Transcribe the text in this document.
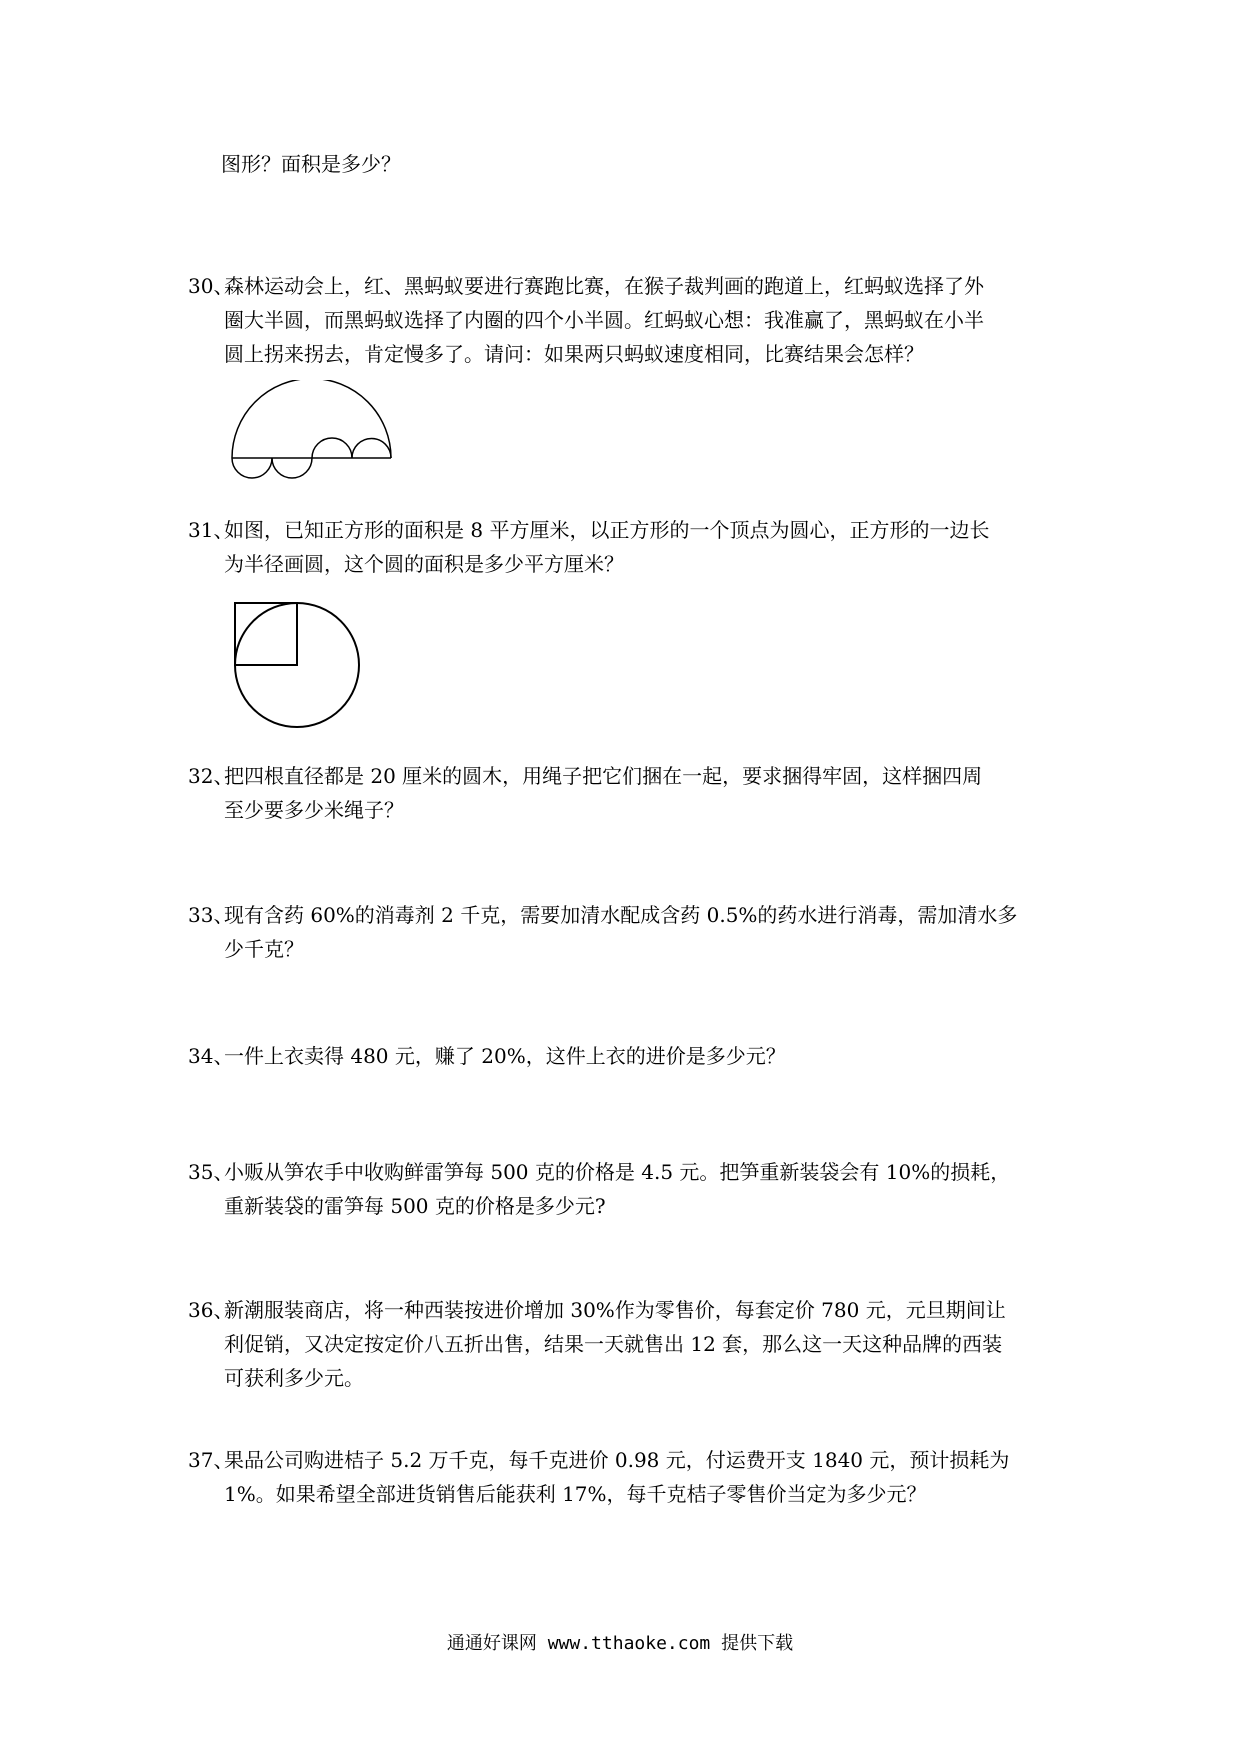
图形？面积是多少？
30、
森林运动会上，红、黑蚂蚁要进行赛跑比赛，在猴子裁判画的跑道上，红蚂蚁选择了外
圈大半圆，而黑蚂蚁选择了内圈的四个小半圆。红蚂蚁心想：我准赢了，黑蚂蚁在小半
圆上拐来拐去，肯定慢多了。请问：如果两只蚂蚁速度相同，比赛结果会怎样？
31、
如图，已知正方形的面积是 8 平方厘米，以正方形的一个顶点为圆心，正方形的一边长
为半径画圆，这个圆的面积是多少平方厘米？
32、
把四根直径都是 20 厘米的圆木，用绳子把它们捆在一起，要求捆得牢固，这样捆四周
至少要多少米绳子？
33、
现有含药 60%的消毒剂 2 千克，需要加清水配成含药 0.5%的药水进行消毒，需加清水多
少千克？
34、
一件上衣卖得 480 元，赚了 20%，这件上衣的进价是多少元？
35、
小贩从笋农手中收购鲜雷笋每 500 克的价格是 4.5 元。把笋重新装袋会有 10%的损耗，
重新装袋的雷笋每 500 克的价格是多少元?
36、
新潮服装商店，将一种西装按进价增加 30%作为零售价，每套定价 780 元，元旦期间让
利促销，又决定按定价八五折出售，结果一天就售出 12 套，那么这一天这种品牌的西装
可获利多少元。
37、
果品公司购进桔子 5.2 万千克，每千克进价 0.98 元，付运费开支 1840 元，预计损耗为
1%。如果希望全部进货销售后能获利 17%，每千克桔子零售价当定为多少元？
通通好课网 www.tthaoke.com 提供下载
